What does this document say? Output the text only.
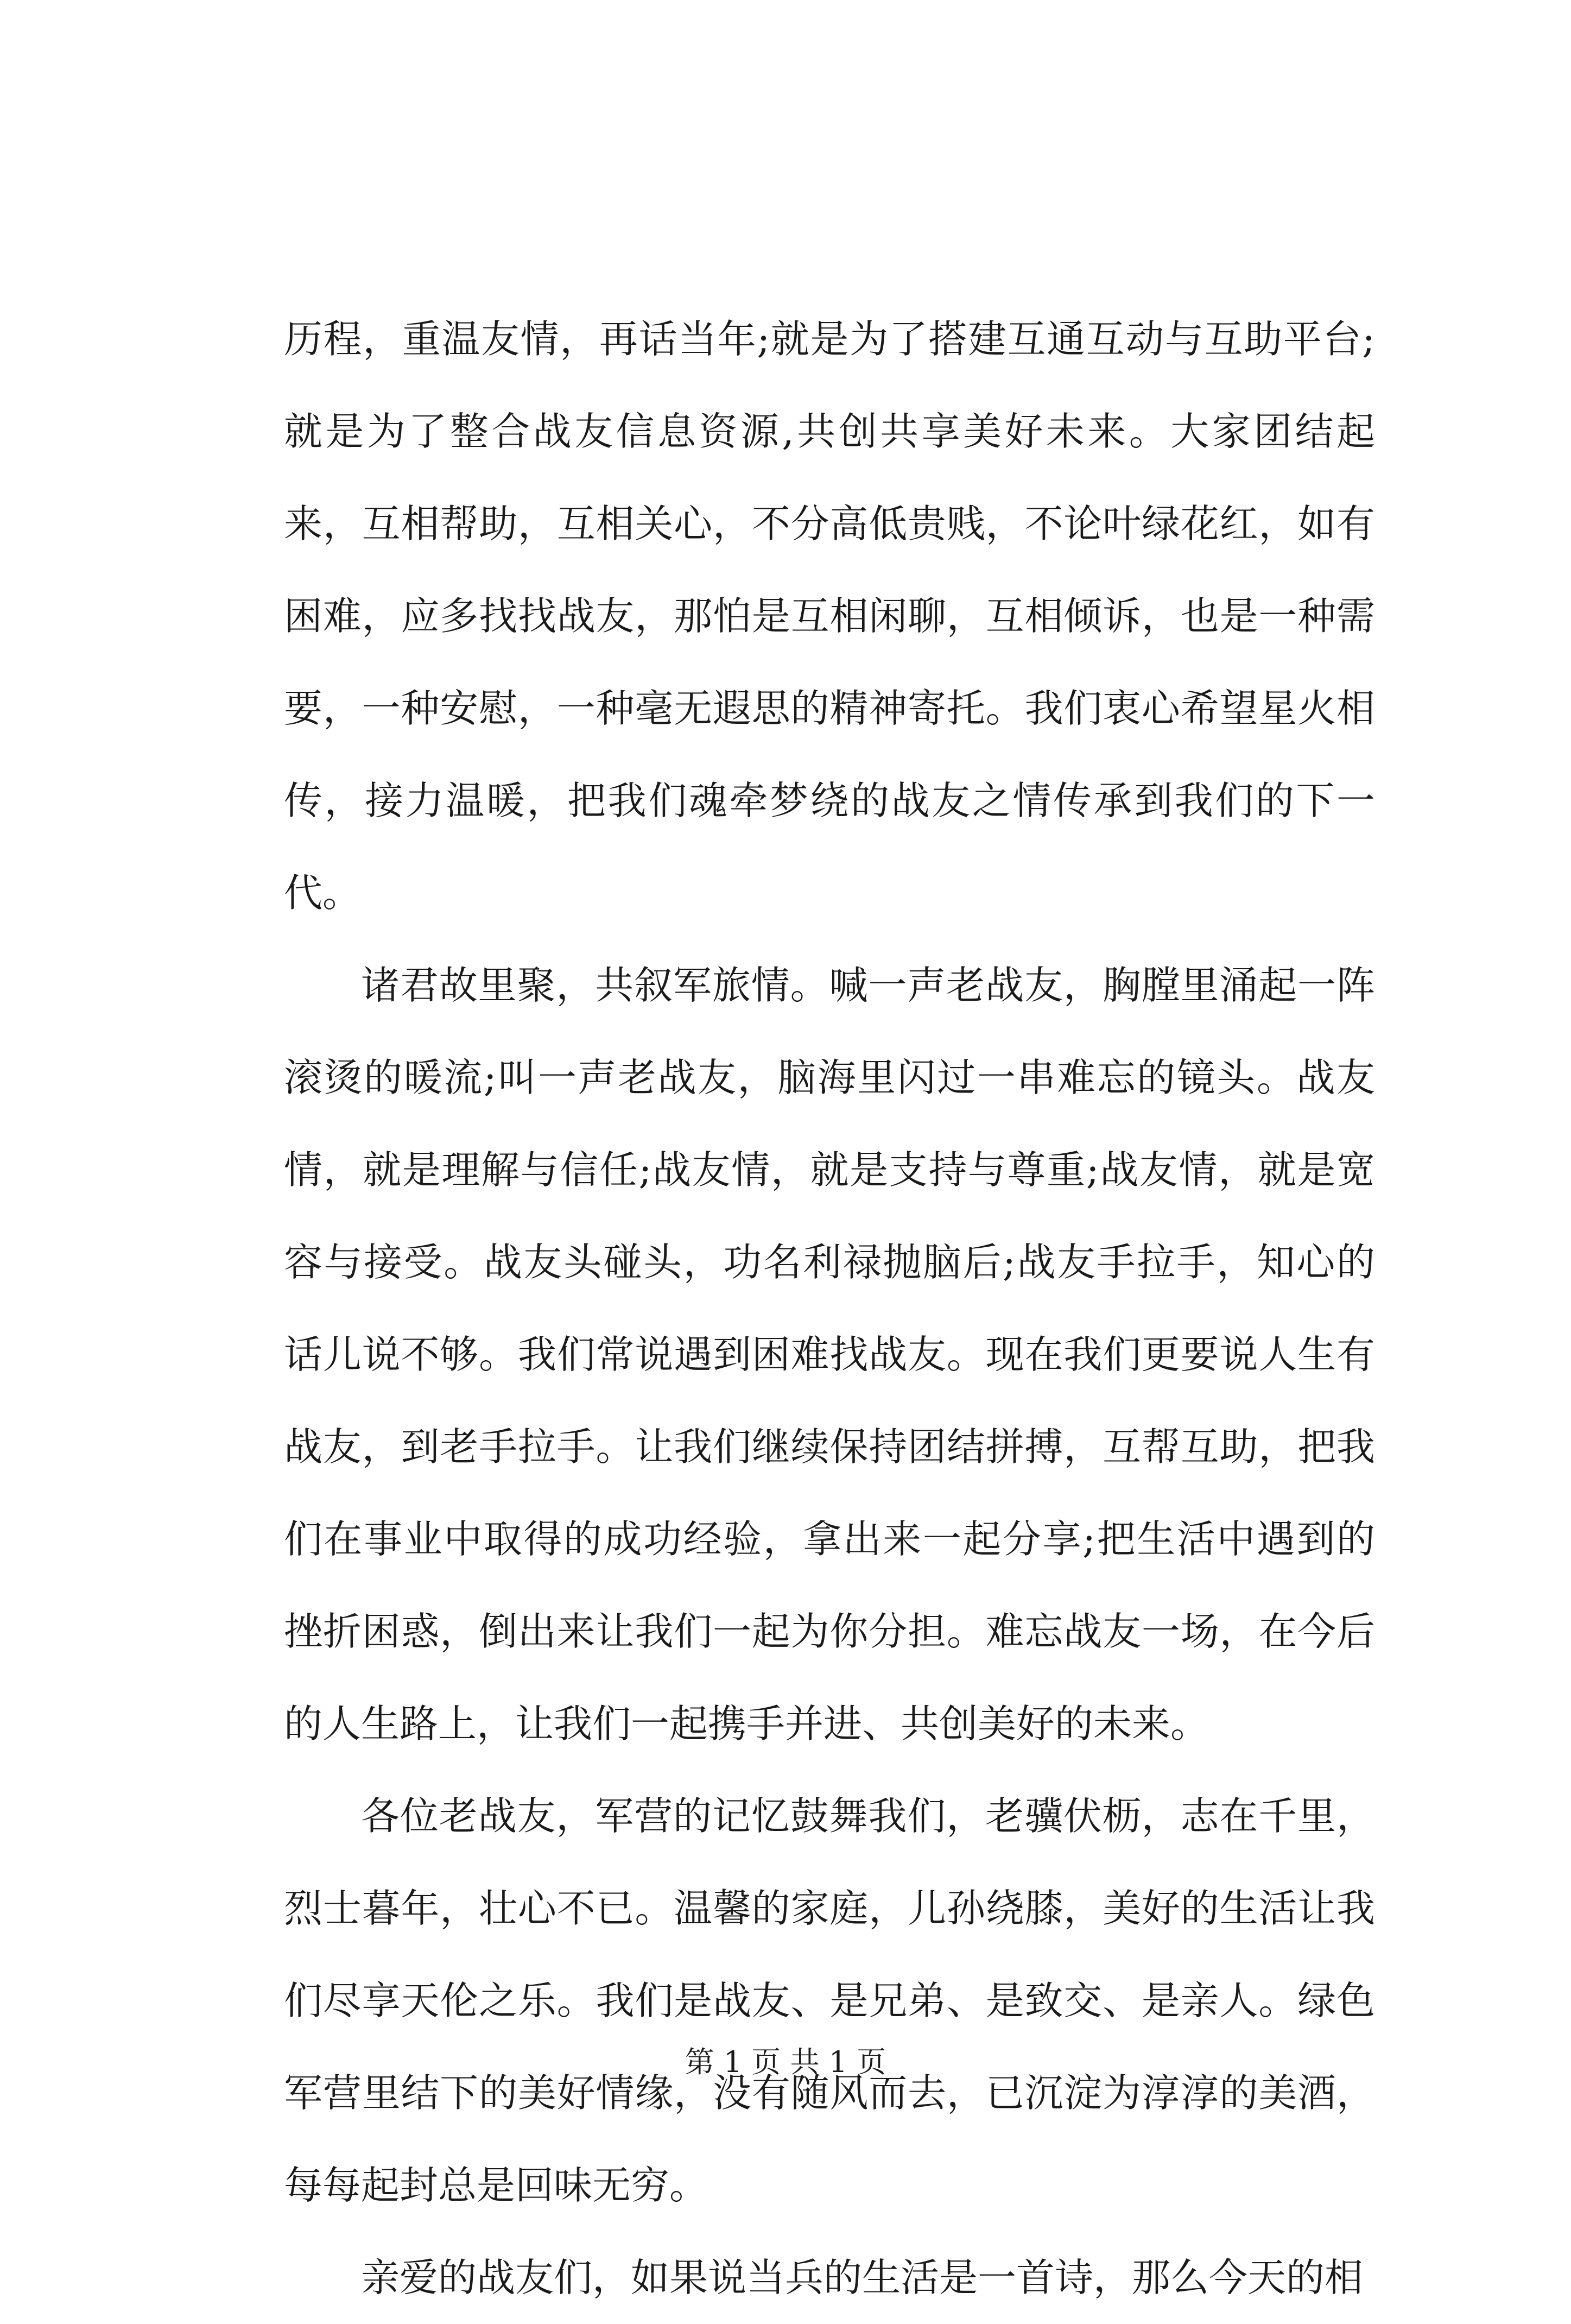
历程，重温友情，再话当年;就是为了搭建互通互动与互助平台;就是为了整合战友信息资源,共创共享美好未来。大家团结起来，互相帮助，互相关心，不分高低贵贱，不论叶绿花红，如有困难，应多找找战友，那怕是互相闲聊，互相倾诉，也是一种需要，一种安慰，一种毫无遐思的精神寄托。我们衷心希望星火相传，接力温暖，把我们魂牵梦绕的战友之情传承到我们的下一代。

诸君故里聚，共叙军旅情。喊一声老战友，胸膛里涌起一阵滚烫的暖流;叫一声老战友，脑海里闪过一串难忘的镜头。战友情，就是理解与信任;战友情，就是支持与尊重;战友情，就是宽容与接受。战友头碰头，功名利禄抛脑后;战友手拉手，知心的话儿说不够。我们常说遇到困难找战友。现在我们更要说人生有战友，到老手拉手。让我们继续保持团结拼搏，互帮互助，把我们在事业中取得的成功经验，拿出来一起分享;把生活中遇到的挫折困惑，倒出来让我们一起为你分担。难忘战友一场，在今后的人生路上，让我们一起携手并进、共创美好的未来。

各位老战友，军营的记忆鼓舞我们，老骥伏枥，志在千里，烈士暮年，壮心不已。温馨的家庭，儿孙绕膝，美好的生活让我们尽享天伦之乐。我们是战友、是兄弟、是致交、是亲人。绿色军营里结下的美好情缘，没有随风而去，已沉淀为淳淳的美酒，每每起封总是回味无穷。

亲爱的战友们，如果说当兵的生活是一首诗，那么今天的相

第 1 页 共 1 页
